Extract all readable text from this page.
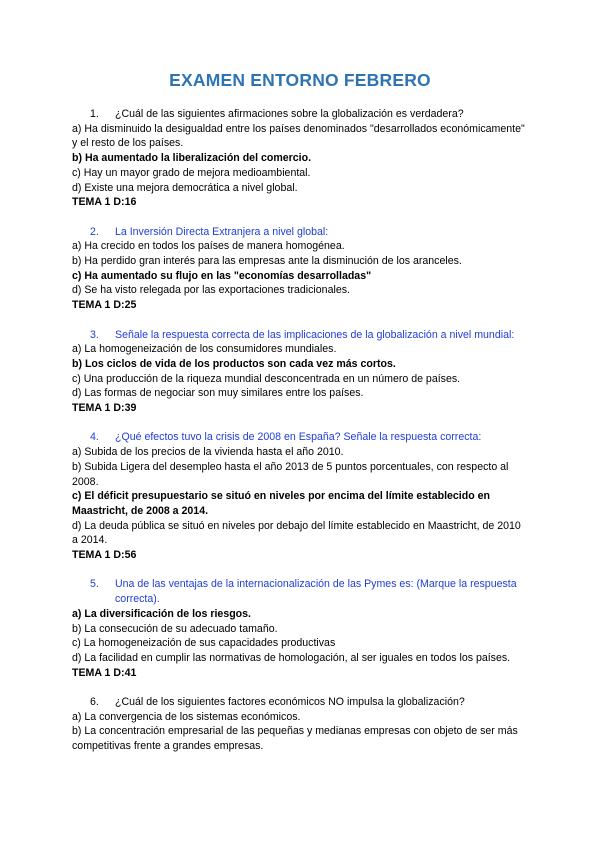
EXAMEN ENTORNO FEBRERO
1.	¿Cuál de las siguientes afirmaciones sobre la globalización es verdadera?
a) Ha disminuido la desigualdad entre los países denominados "desarrollados económicamente" y el resto de los países.
b) Ha aumentado la liberalización del comercio.
c) Hay un mayor grado de mejora medioambiental.
d) Existe una mejora democrática a nivel global.
TEMA 1 D:16
2.	La Inversión Directa Extranjera a nivel global:
a) Ha crecido en todos los países de manera homogénea.
b) Ha perdido gran interés para las empresas ante la disminución de los aranceles.
c) Ha aumentado su flujo en las "economías desarrolladas"
d) Se ha visto relegada por las exportaciones tradicionales.
TEMA 1 D:25
3.	Señale la respuesta correcta de las implicaciones de la globalización a nivel mundial:
a) La homogeneización de los consumidores mundiales.
b) Los ciclos de vida de los productos son cada vez más cortos.
c) Una producción de la riqueza mundial desconcentrada en un número de países.
d) Las formas de negociar son muy similares entre los países.
TEMA 1 D:39
4.	¿Qué efectos tuvo la crisis de 2008 en España? Señale la respuesta correcta:
a) Subida de los precios de la vivienda hasta el año 2010.
b) Subida Ligera del desempleo hasta el año 2013 de 5 puntos porcentuales, con respecto al 2008.
c) El déficit presupuestario se situó en niveles por encima del límite establecido en Maastricht, de 2008 a 2014.
d) La deuda pública se situó en niveles por debajo del límite establecido en Maastricht, de 2010 a 2014.
TEMA 1 D:56
5.	Una de las ventajas de la internacionalización de las Pymes es: (Marque la respuesta correcta).
a) La diversificación de los riesgos.
b) La consecución de su adecuado tamaño.
c) La homogeneización de sus capacidades productivas
d) La facilidad en cumplir las normativas de homologación, al ser iguales en todos los países.
TEMA 1 D:41
6.	¿Cuál de los siguientes factores económicos NO impulsa la globalización?
a) La convergencia de los sistemas económicos.
b) La concentración empresarial de las pequeñas y medianas empresas con objeto de ser más competitivas frente a grandes empresas.
